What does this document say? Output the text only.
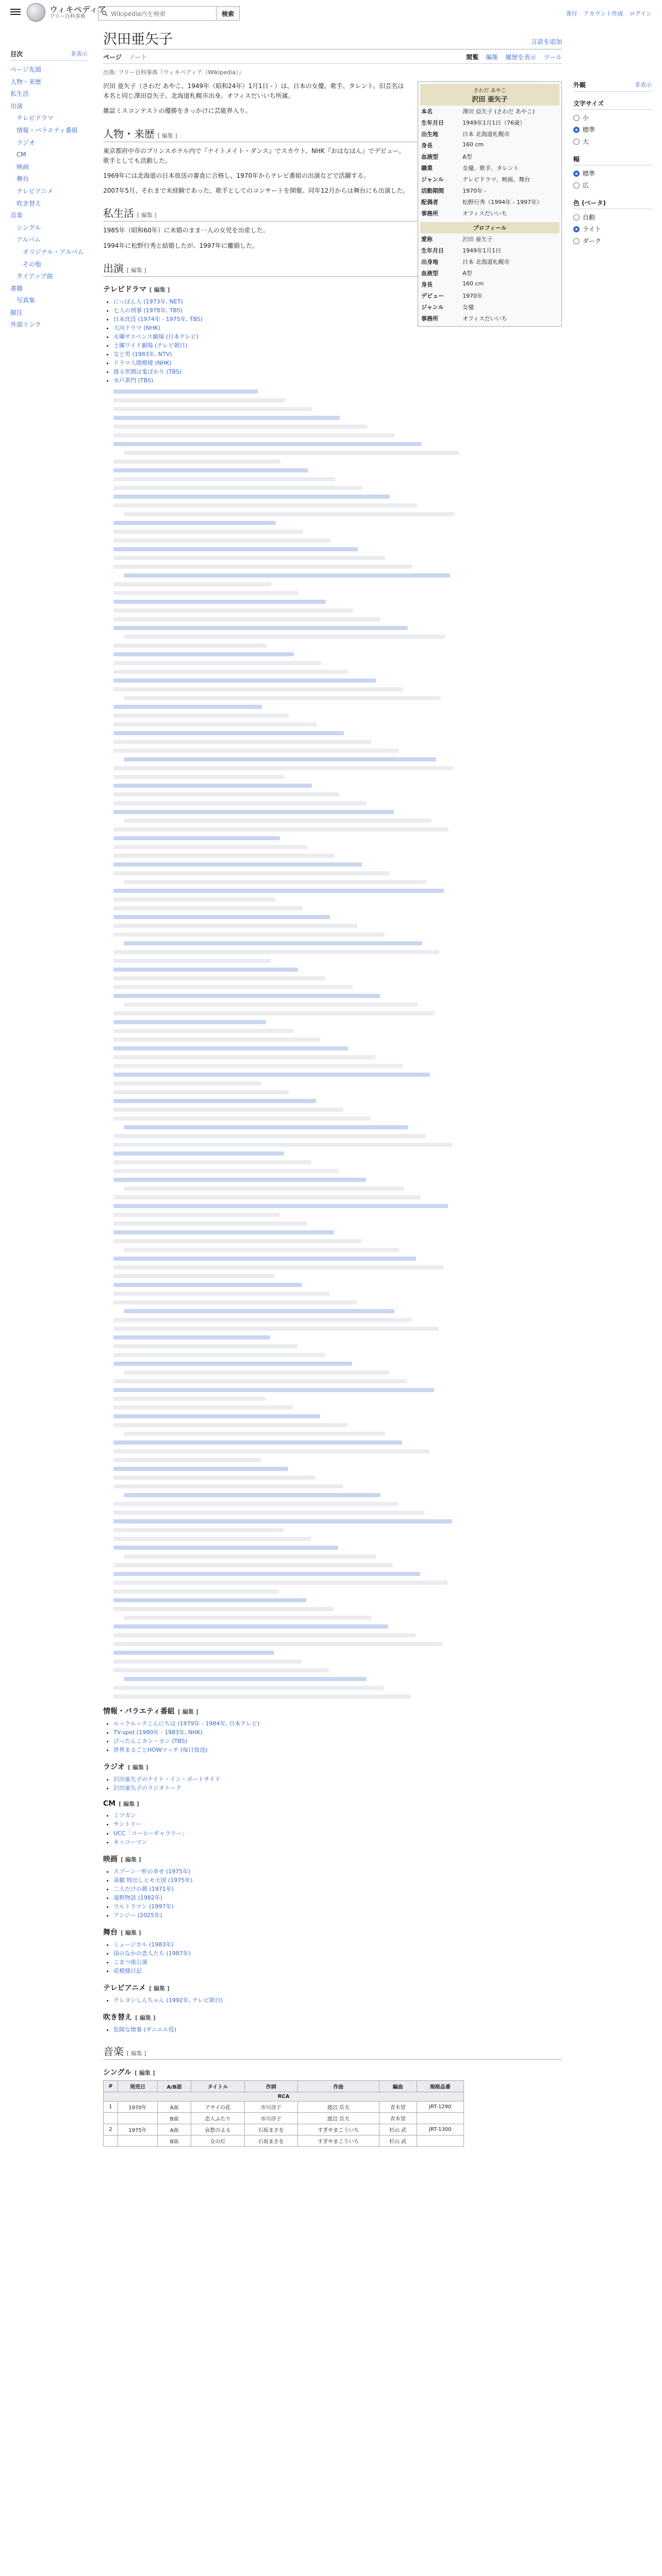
ウィキペディア
フリー百科事典	Wikipedia内を検索	検索	寄付 アカウント作成 ログイン
目次	非表示
ページ先頭
人物・来歴
私生活
出演
テレビドラマ
情報・バラエティ番組
ラジオ
CM
映画
舞台
テレビアニメ
吹き替え
音楽
シングル
アルバム
オリジナル・アルバム
その他
タイアップ曲
書籍
写真集
脚注
外部リンク
外観	非表示
文字サイズ
小
標準
大
幅
標準
広
色 (ベータ)
自動
ライト
ダーク
沢田亜矢子	言語を追加
ページ ノート	閲覧 編集 履歴を表示 ツール
出典: フリー百科事典『ウィキペディア（Wikipedia）』
さわだ あやこ
沢田 亜矢子
本名	澤田 亞矢子 (さわだ あやこ)
生年月日	1949年1月1日（76歳）
出生地	日本 北海道札幌市
身長	160 cm
血液型	A型
職業	女優、歌手、タレント
ジャンル	テレビドラマ、映画、舞台
活動期間	1970年 -
配偶者	松野行秀（1994年 - 1997年）
事務所	オフィスだいいち
プロフィール
愛称	沢田 亜矢子
生年月日	1949年1月1日
出身地	日本 北海道札幌市
血液型	A型
身長	160 cm
デビュー	1970年
ジャンル	女優
事務所	オフィスだいいち

沢田 亜矢子（さわだ あやこ、1949年（昭和24年）1月1日 - ）は、日本の女優、歌手、タレント。旧芸名は本名と同じ澤田亞矢子。北海道札幌市出身。オフィスだいいち所属。

雑誌ミスコンテストの優勝をきっかけに芸能界入り。

人物・来歴 [ 編集 ]

東京都府中市のプリンスホテル内で『ナイトメイト・ダンス』でスカウト、NHK『おはなはん』でデビュー。歌手としても活動した。

1969年には北海道の日本放送の審査に合格し、1970年からテレビ番組の出演などで活躍する。

2007年5月、それまで未経験であった、歌手としてのコンサートを開催。同年12月からは舞台にも出演した。

私生活 [ 編集 ]

1985年（昭和60年）に未婚のまま一人の女児を出産した。

1994年に松野行秀と結婚したが、1997年に離婚した。

出演 [ 編集 ]
テレビドラマ [ 編集 ]
• にっぽん人 (1973年, NET)
• 七人の刑事 (1978年, TBS)
• 日本沈没 (1974年 - 1975年, TBS)
• 大河ドラマ (NHK)
• 火曜サスペンス劇場 (日本テレビ)
• 土曜ワイド劇場 (テレビ朝日)
• 女と男 (1983年, NTV)
• ドラマ人間模様 (NHK)
• 渡る世間は鬼ばかり (TBS)
• 水戸黄門 (TBS)
情報・バラエティ番組 [ 編集 ]
• ルックルックこんにちは (1979年 - 1984年, 日本テレビ)
• TV-spot (1980年 - 1983年, NHK)
• ぴったんこカン・カン (TBS)
• 世界まるごとHOWマッチ (毎日放送)
ラジオ [ 編集 ]
• 沢田亜矢子のナイト・イン・ポートサイド
• 沢田亜矢子のラジオトーク
CM [ 編集 ]
• ミツカン
• サントリー
• UCC「コーヒーギャラリー」
• キッコーマン
映画 [ 編集 ]
• スプーン一杯の幸せ (1975年)
• 喜劇 特出しヒモ天国 (1975年)
• 二人だけの朝 (1971年)
• 遠野物語 (1982年)
• ウルトラマン (1997年)
• アンジー (2025年)
舞台 [ 編集 ]
• ミュージカル (1983年)
• 雨のなかの恋人たち (1987年)
• こまつ座公演
• 花模様日記
テレビアニメ [ 編集 ]
• クレヨンしんちゃん (1992年, テレビ朝日)
吹き替え [ 編集 ]
• 危険な情事 (ダニエル役)
音楽 [ 編集 ]
シングル [ 編集 ]
#	発売日	A/B面	タイトル	作詞	作曲	編曲	規格品番
RCA							
1	1970年	A面	アサイの花	市川淳子	渡辺 岳夫	青木望	JRT-1290
		B面	恋人ふたり	市川淳子	渡辺 岳夫	青木望	
2	1975年	A面	哀愁のよる	石坂まさを	すぎやまこういち	杉山 武	JRT-1300
		B面	女の灯	石坂まさを	すぎやまこういち	杉山 武	
